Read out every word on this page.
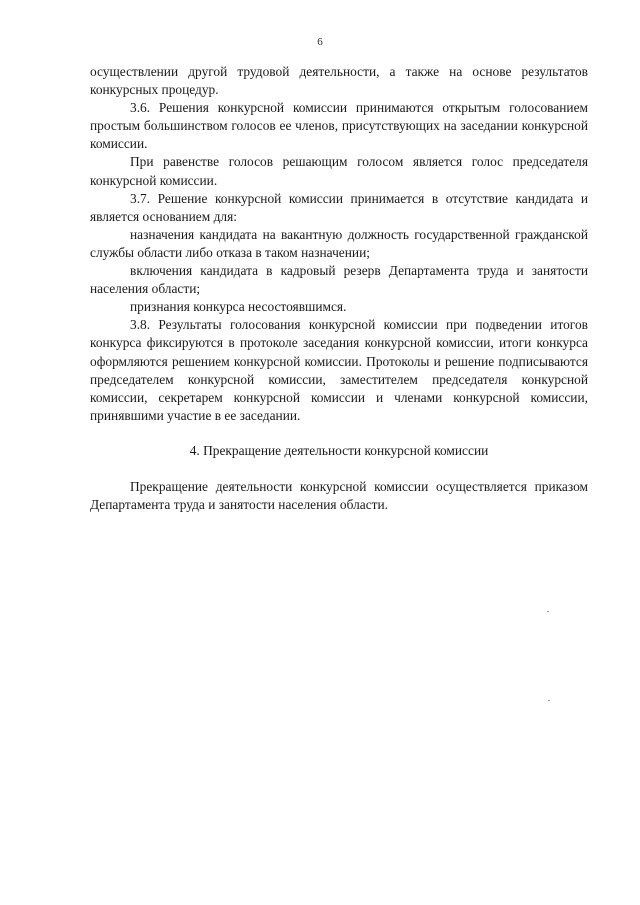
6

осуществлении другой трудовой деятельности, а также на основе результатов конкурсных процедур.

3.6. Решения конкурсной комиссии принимаются открытым голосованием простым большинством голосов ее членов, присутствующих на заседании конкурсной комиссии.

При равенстве голосов решающим голосом является голос председателя конкурсной комиссии.

3.7. Решение конкурсной комиссии принимается в отсутствие кандидата и является основанием для:

назначения кандидата на вакантную должность государственной гражданской службы области либо отказа в таком назначении;

включения кандидата в кадровый резерв Департамента труда и занятости населения области;

признания конкурса несостоявшимся.

3.8. Результаты голосования конкурсной комиссии при подведении итогов конкурса фиксируются в протоколе заседания конкурсной комиссии, итоги конкурса оформляются решением конкурсной комиссии. Протоколы и решение подписываются председателем конкурсной комиссии, заместителем председателя конкурсной комиссии, секретарем конкурсной комиссии и членами конкурсной комиссии, принявшими участие в ее заседании.

4. Прекращение деятельности конкурсной комиссии

Прекращение деятельности конкурсной комиссии осуществляется приказом Департамента труда и занятости населения области.
